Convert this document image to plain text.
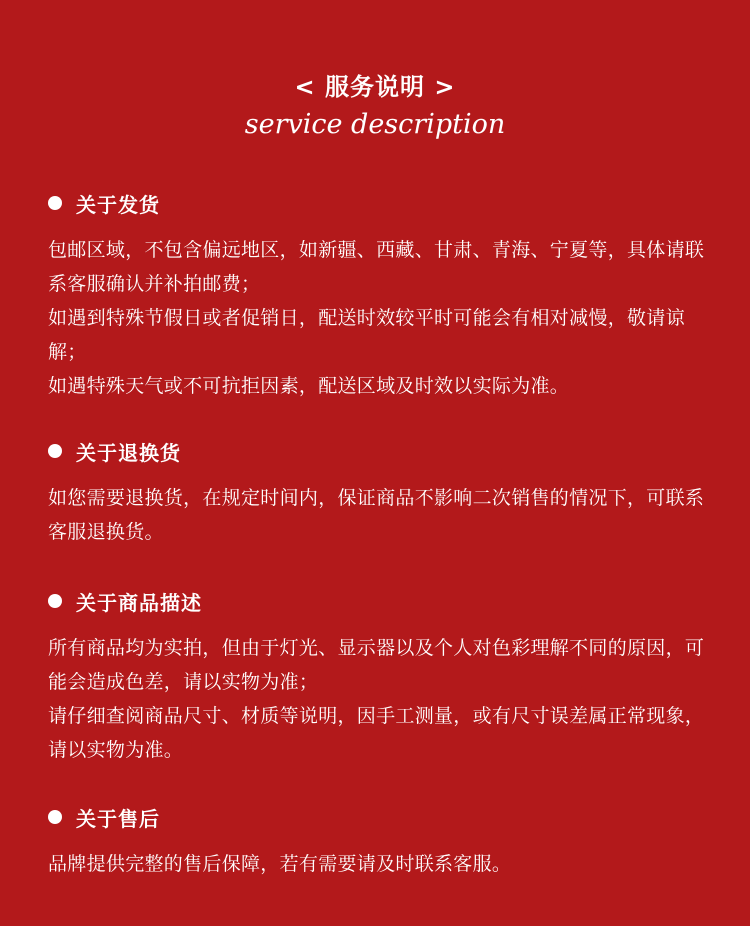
< 服务说明 >
service description
关于发货
包邮区域，不包含偏远地区，如新疆、西藏、甘肃、青海、宁夏等，具体请联系客服确认并补拍邮费；
如遇到特殊节假日或者促销日，配送时效较平时可能会有相对减慢，敬请谅解；
如遇特殊天气或不可抗拒因素，配送区域及时效以实际为准。
关于退换货
如您需要退换货，在规定时间内，保证商品不影响二次销售的情况下，可联系客服退换货。
关于商品描述
所有商品均为实拍，但由于灯光、显示器以及个人对色彩理解不同的原因，可能会造成色差，请以实物为准；
请仔细查阅商品尺寸、材质等说明，因手工测量，或有尺寸误差属正常现象，请以实物为准。
关于售后
品牌提供完整的售后保障，若有需要请及时联系客服。
